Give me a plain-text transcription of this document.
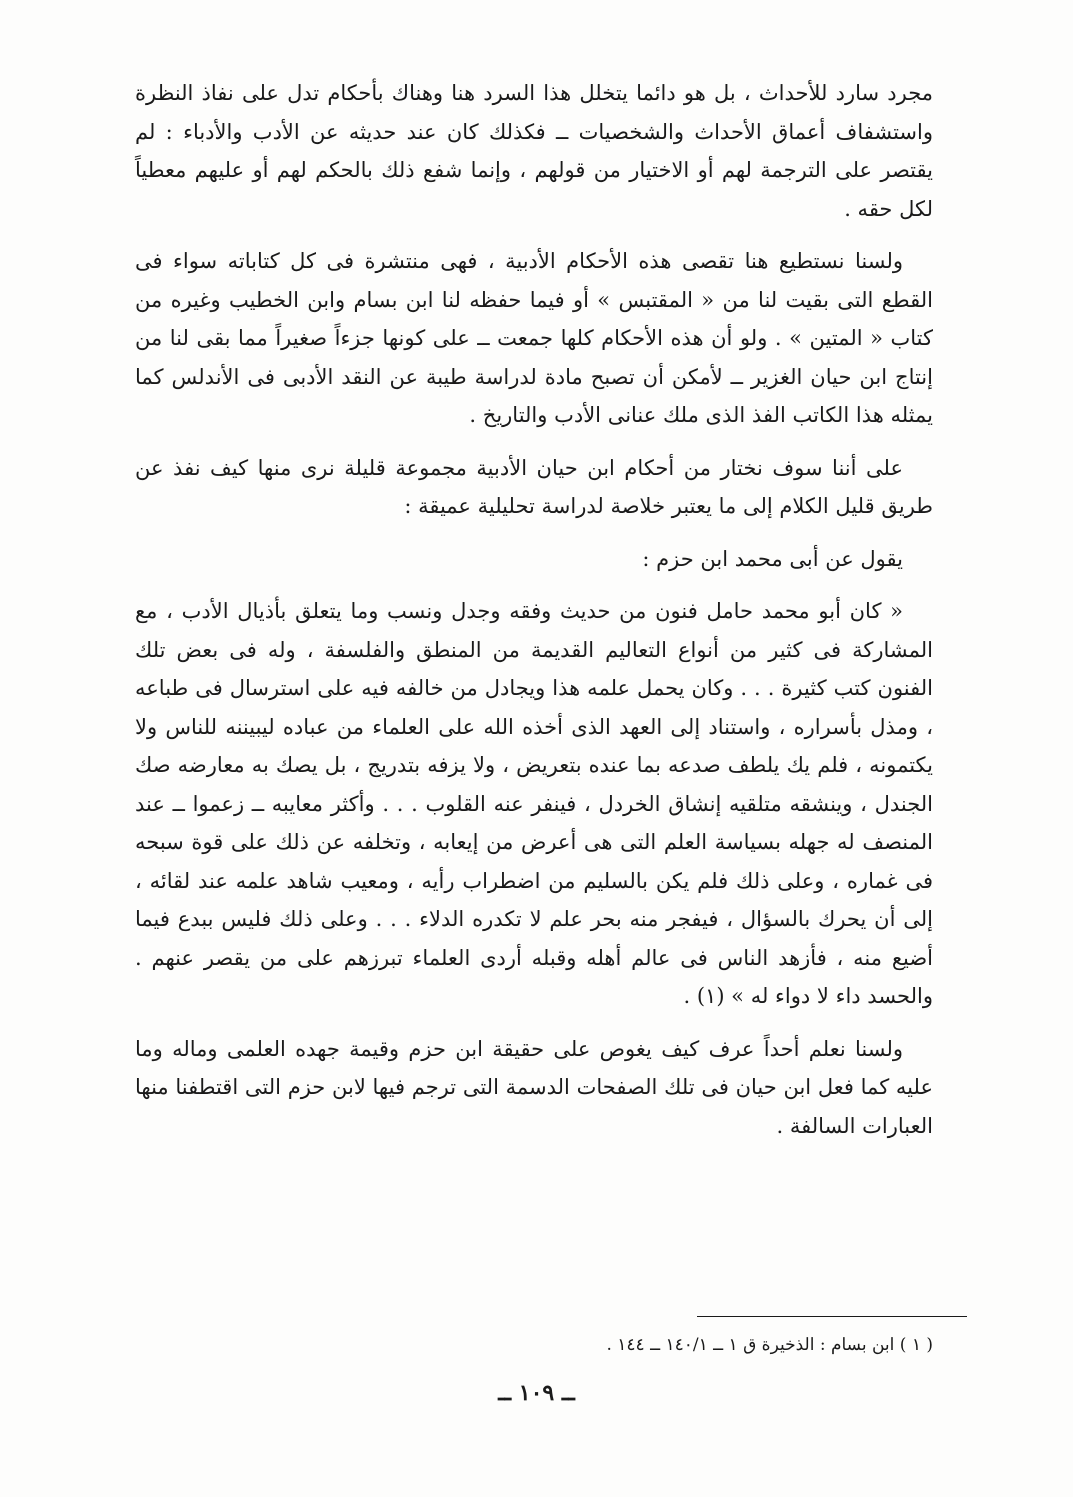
مجرد سارد للأحداث ، بل هو دائما يتخلل هذا السرد هنا وهناك بأحكام تدل على نفاذ النظرة واستشفاف أعماق الأحداث والشخصيات ــ فكذلك كان عند حديثه عن الأدب والأدباء : لم يقتصر على الترجمة لهم أو الاختيار من قولهم ، وإنما شفع ذلك بالحكم لهم أو عليهم معطياً لكل حقه .

ولسنا نستطيع هنا تقصى هذه الأحكام الأدبية ، فهى منتشرة فى كل كتاباته سواء فى القطع التى بقيت لنا من « المقتبس » أو فيما حفظه لنا ابن بسام وابن الخطيب وغيره من كتاب « المتين » . ولو أن هذه الأحكام كلها جمعت ــ على كونها جزءاً صغيراً مما بقى لنا من إنتاج ابن حيان الغزير ــ لأمكن أن تصبح مادة لدراسة طيبة عن النقد الأدبى فى الأندلس كما يمثله هذا الكاتب الفذ الذى ملك عنانى الأدب والتاريخ .

على أننا سوف نختار من أحكام ابن حيان الأدبية مجموعة قليلة نرى منها كيف نفذ عن طريق قليل الكلام إلى ما يعتبر خلاصة لدراسة تحليلية عميقة :

يقول عن أبى محمد ابن حزم :

« كان أبو محمد حامل فنون من حديث وفقه وجدل ونسب وما يتعلق بأذيال الأدب ، مع المشاركة فى كثير من أنواع التعاليم القديمة من المنطق والفلسفة ، وله فى بعض تلك الفنون كتب كثيرة . . . وكان يحمل علمه هذا ويجادل من خالفه فيه على استرسال فى طباعه ، ومذل بأسراره ، واستناد إلى العهد الذى أخذه الله على العلماء من عباده ليبيننه للناس ولا يكتمونه ، فلم يك يلطف صدعه بما عنده بتعريض ، ولا يزفه بتدريج ، بل يصك به معارضه صك الجندل ، وينشقه متلقيه إنشاق الخردل ، فينفر عنه القلوب . . . وأكثر معايبه ــ زعموا ــ عند المنصف له جهله بسياسة العلم التى هى أعرض من إيعابه ، وتخلفه عن ذلك على قوة سبحه فى غماره ، وعلى ذلك فلم يكن بالسليم من اضطراب رأيه ، ومعيب شاهد علمه عند لقائه ، إلى أن يحرك بالسؤال ، فيفجر منه بحر علم لا تكدره الدلاء . . . وعلى ذلك فليس ببدع فيما أضيع منه ، فأزهد الناس فى عالم أهله وقبله أردى العلماء تبرزهم على من يقصر عنهم . والحسد داء لا دواء له » (١) .

ولسنا نعلم أحداً عرف كيف يغوص على حقيقة ابن حزم وقيمة جهده العلمى وماله وما عليه كما فعل ابن حيان فى تلك الصفحات الدسمة التى ترجم فيها لابن حزم التى اقتطفنا منها العبارات السالفة .

( ١ ) ابن بسام : الذخيرة ق ١ ــ ١٤٠/١ ــ ١٤٤ .
ــ ١٠٩ ــ
